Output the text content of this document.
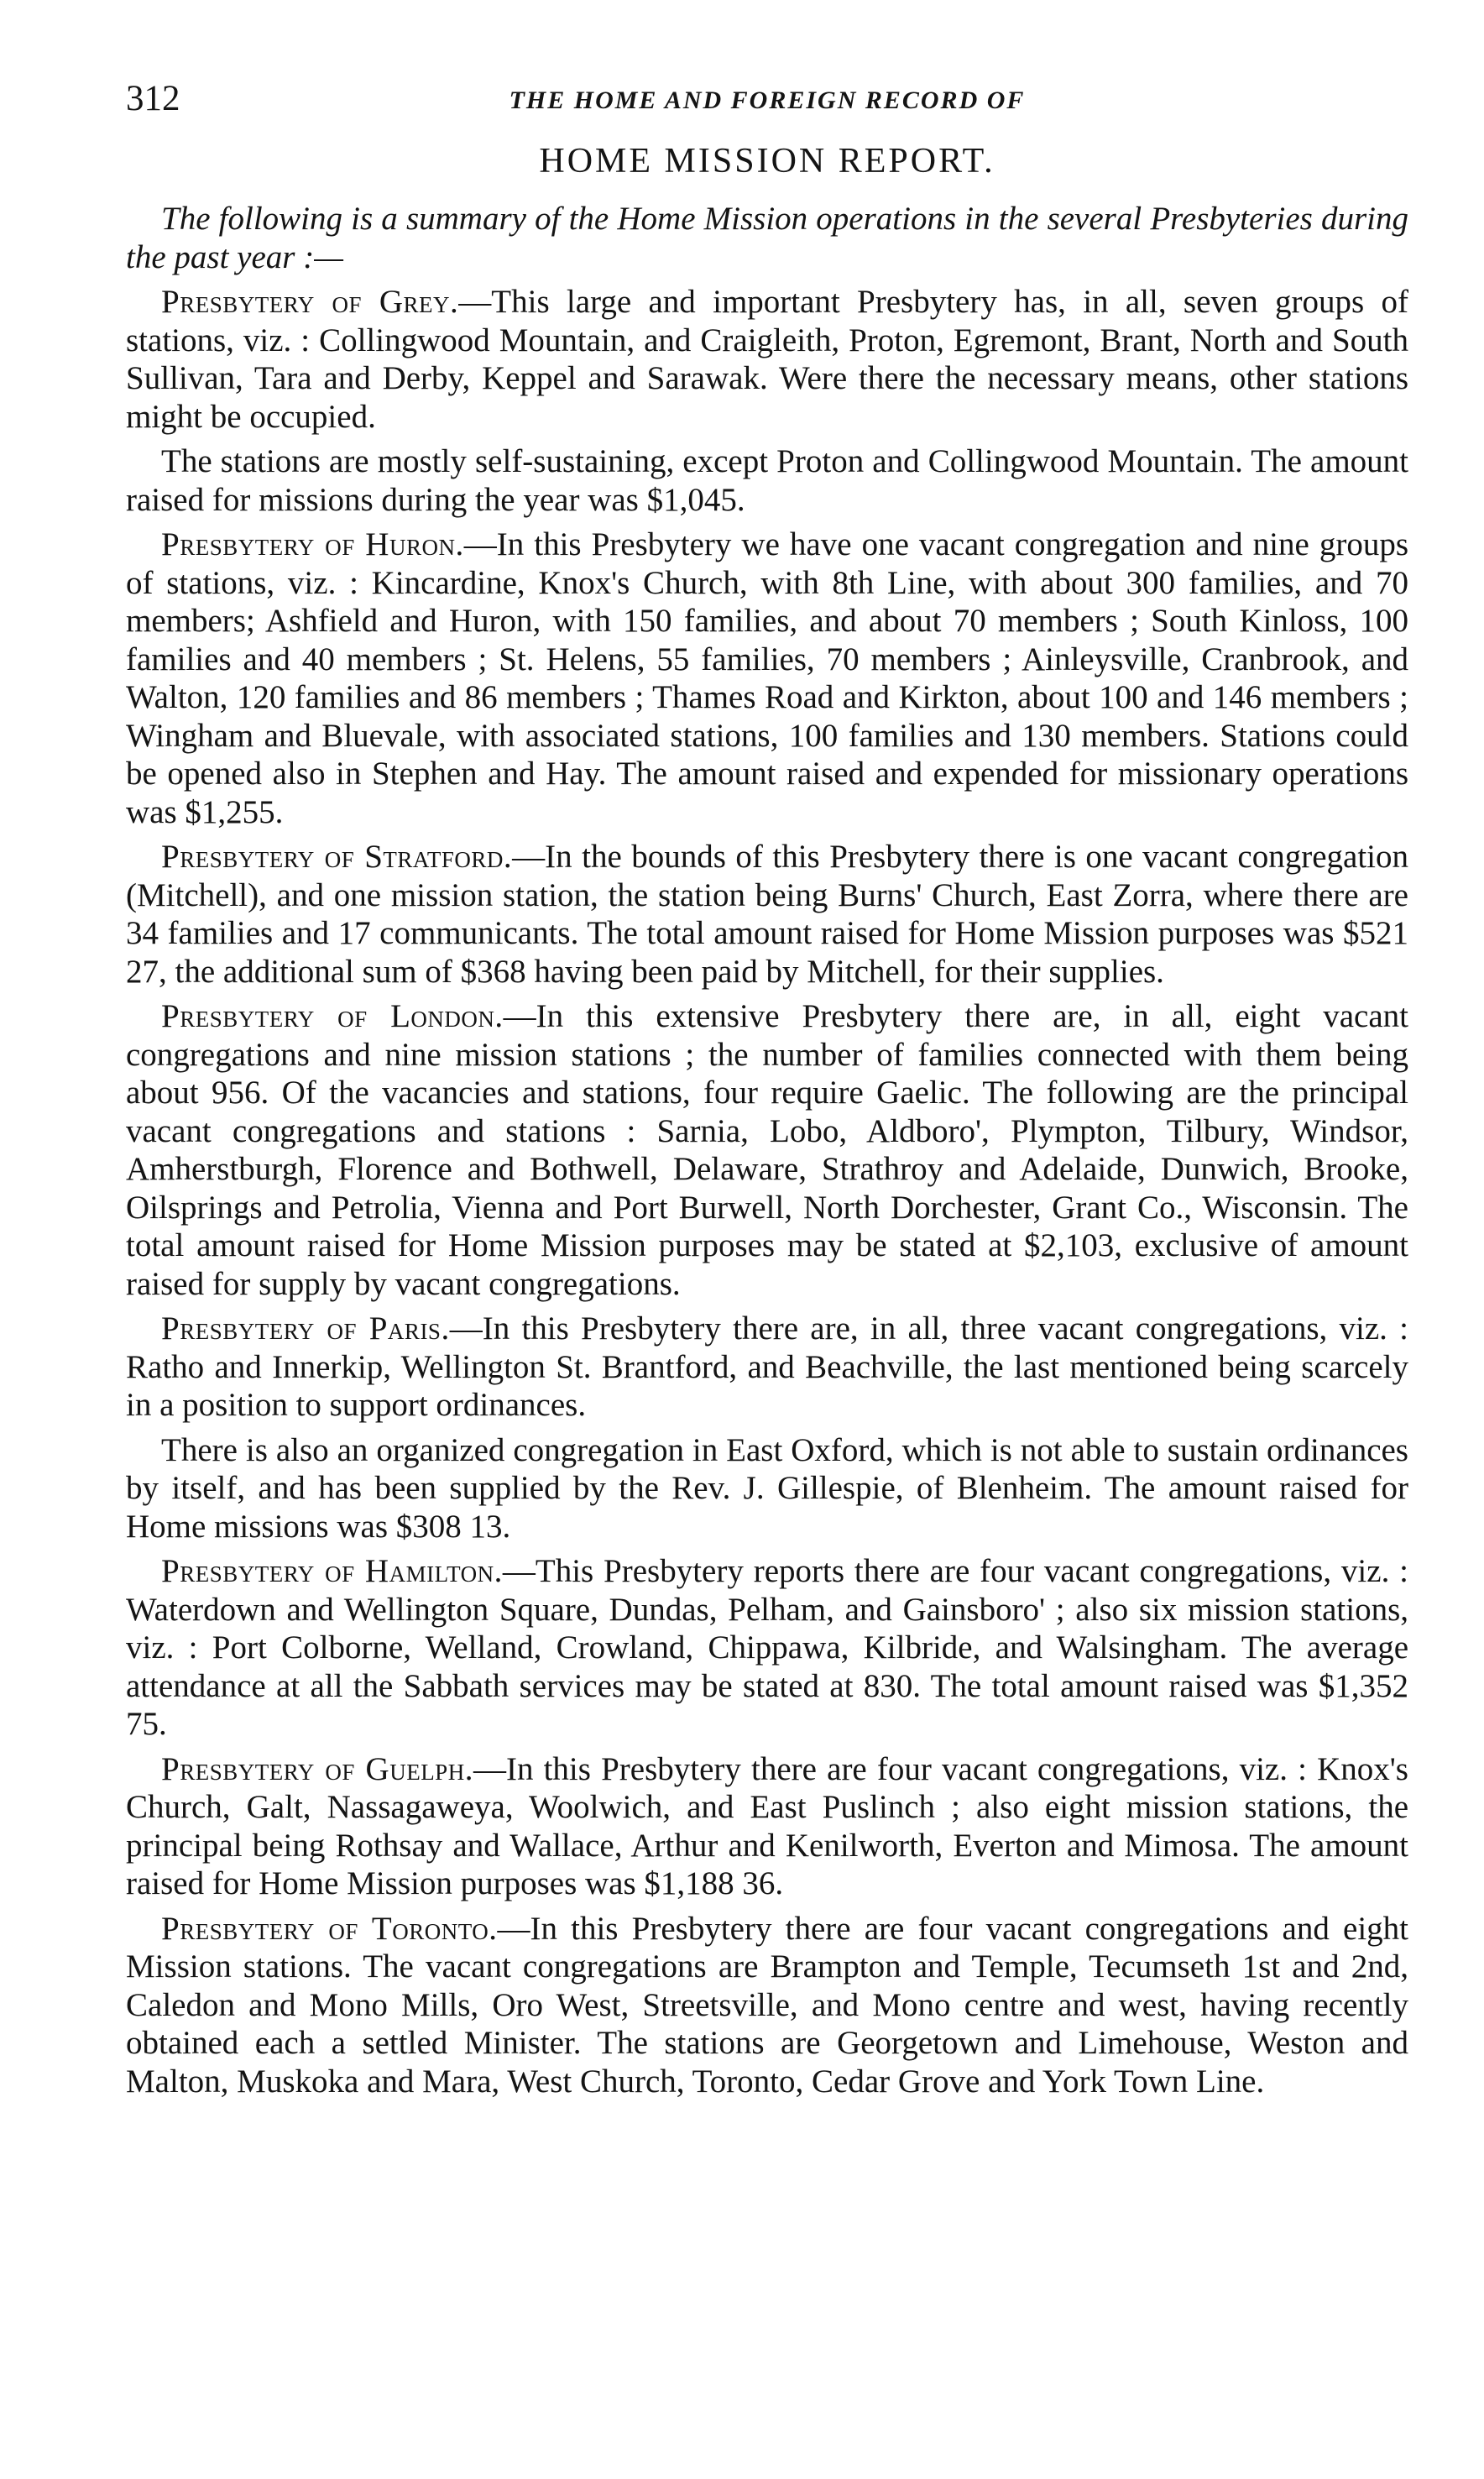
312	THE HOME AND FOREIGN RECORD OF
HOME MISSION REPORT.

The following is a summary of the Home Mission operations in the several Presbyteries during the past year :—

Presbytery of Grey.—This large and important Presbytery has, in all, seven groups of stations, viz. : Collingwood Mountain, and Craigleith, Proton, Egremont, Brant, North and South Sullivan, Tara and Derby, Keppel and Sarawak. Were there the necessary means, other stations might be occupied.

The stations are mostly self-sustaining, except Proton and Collingwood Mountain. The amount raised for missions during the year was $1,045.

Presbytery of Huron.—In this Presbytery we have one vacant congregation and nine groups of stations, viz. : Kincardine, Knox's Church, with 8th Line, with about 300 families, and 70 members; Ashfield and Huron, with 150 families, and about 70 members ; South Kinloss, 100 families and 40 members ; St. Helens, 55 families, 70 members ; Ainleysville, Cranbrook, and Walton, 120 families and 86 members ; Thames Road and Kirkton, about 100 and 146 members ; Wingham and Bluevale, with associated stations, 100 families and 130 members. Stations could be opened also in Stephen and Hay. The amount raised and expended for missionary operations was $1,255.

Presbytery of Stratford.—In the bounds of this Presbytery there is one vacant congregation (Mitchell), and one mission station, the station being Burns' Church, East Zorra, where there are 34 families and 17 communicants. The total amount raised for Home Mission purposes was $521 27, the additional sum of $368 having been paid by Mitchell, for their supplies.

Presbytery of London.—In this extensive Presbytery there are, in all, eight vacant congregations and nine mission stations ; the number of families connected with them being about 956. Of the vacancies and stations, four require Gaelic. The following are the principal vacant congregations and stations : Sarnia, Lobo, Aldboro', Plympton, Tilbury, Windsor, Amherstburgh, Florence and Bothwell, Delaware, Strathroy and Adelaide, Dunwich, Brooke, Oilsprings and Petrolia, Vienna and Port Burwell, North Dorchester, Grant Co., Wisconsin. The total amount raised for Home Mission purposes may be stated at $2,103, exclusive of amount raised for supply by vacant congregations.

Presbytery of Paris.—In this Presbytery there are, in all, three vacant congregations, viz. : Ratho and Innerkip, Wellington St. Brantford, and Beachville, the last mentioned being scarcely in a position to support ordinances.

There is also an organized congregation in East Oxford, which is not able to sustain ordinances by itself, and has been supplied by the Rev. J. Gillespie, of Blenheim. The amount raised for Home missions was $308 13.

Presbytery of Hamilton.—This Presbytery reports there are four vacant congregations, viz. : Waterdown and Wellington Square, Dundas, Pelham, and Gainsboro' ; also six mission stations, viz. : Port Colborne, Welland, Crowland, Chippawa, Kilbride, and Walsingham. The average attendance at all the Sabbath services may be stated at 830. The total amount raised was $1,352 75.

Presbytery of Guelph.—In this Presbytery there are four vacant congregations, viz. : Knox's Church, Galt, Nassagaweya, Woolwich, and East Puslinch ; also eight mission stations, the principal being Rothsay and Wallace, Arthur and Kenilworth, Everton and Mimosa. The amount raised for Home Mission purposes was $1,188 36.

Presbytery of Toronto.—In this Presbytery there are four vacant congregations and eight Mission stations. The vacant congregations are Brampton and Temple, Tecumseth 1st and 2nd, Caledon and Mono Mills, Oro West, Streetsville, and Mono centre and west, having recently obtained each a settled Minister. The stations are Georgetown and Limehouse, Weston and Malton, Muskoka and Mara, West Church, Toronto, Cedar Grove and York Town Line.
